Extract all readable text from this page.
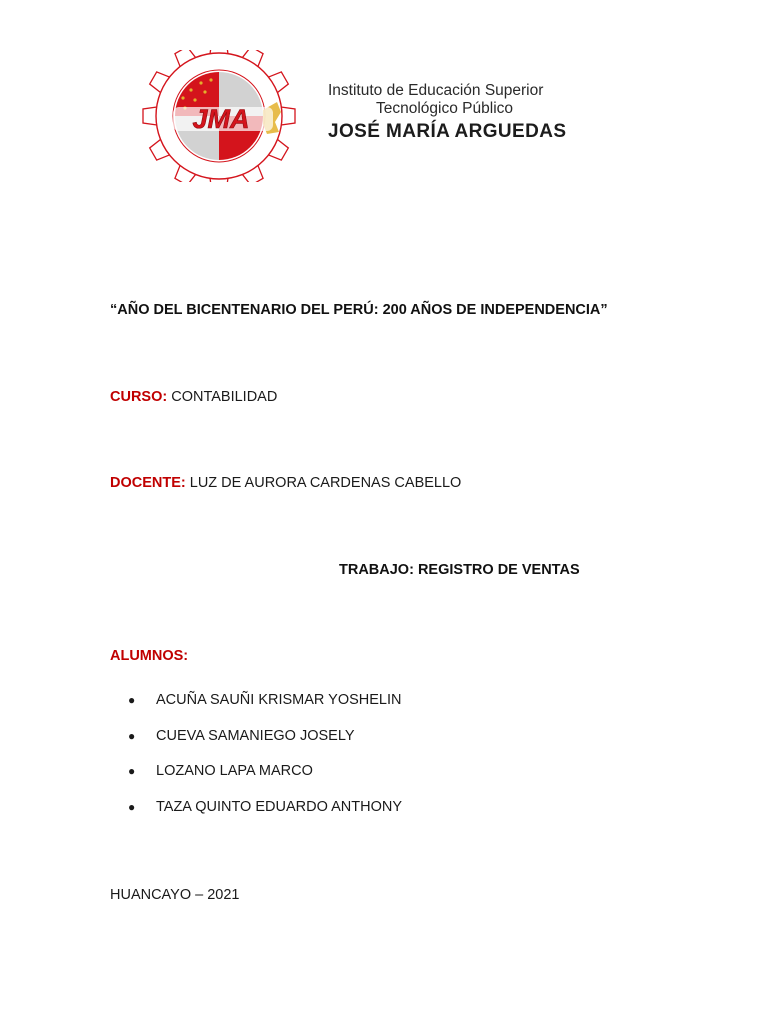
JMA
Instituto de Educación Superior
Tecnológico Público
JOSÉ MARÍA ARGUEDAS
“AÑO DEL BICENTENARIO DEL PERÚ: 200 AÑOS DE INDEPENDENCIA”
CURSO: CONTABILIDAD
DOCENTE: LUZ DE AURORA CARDENAS CABELLO
TRABAJO: REGISTRO DE VENTAS
ALUMNOS:
●	ACUÑA SAUÑI KRISMAR YOSHELIN
●	CUEVA SAMANIEGO JOSELY
●	LOZANO LAPA MARCO
●	TAZA QUINTO EDUARDO ANTHONY
HUANCAYO – 2021
